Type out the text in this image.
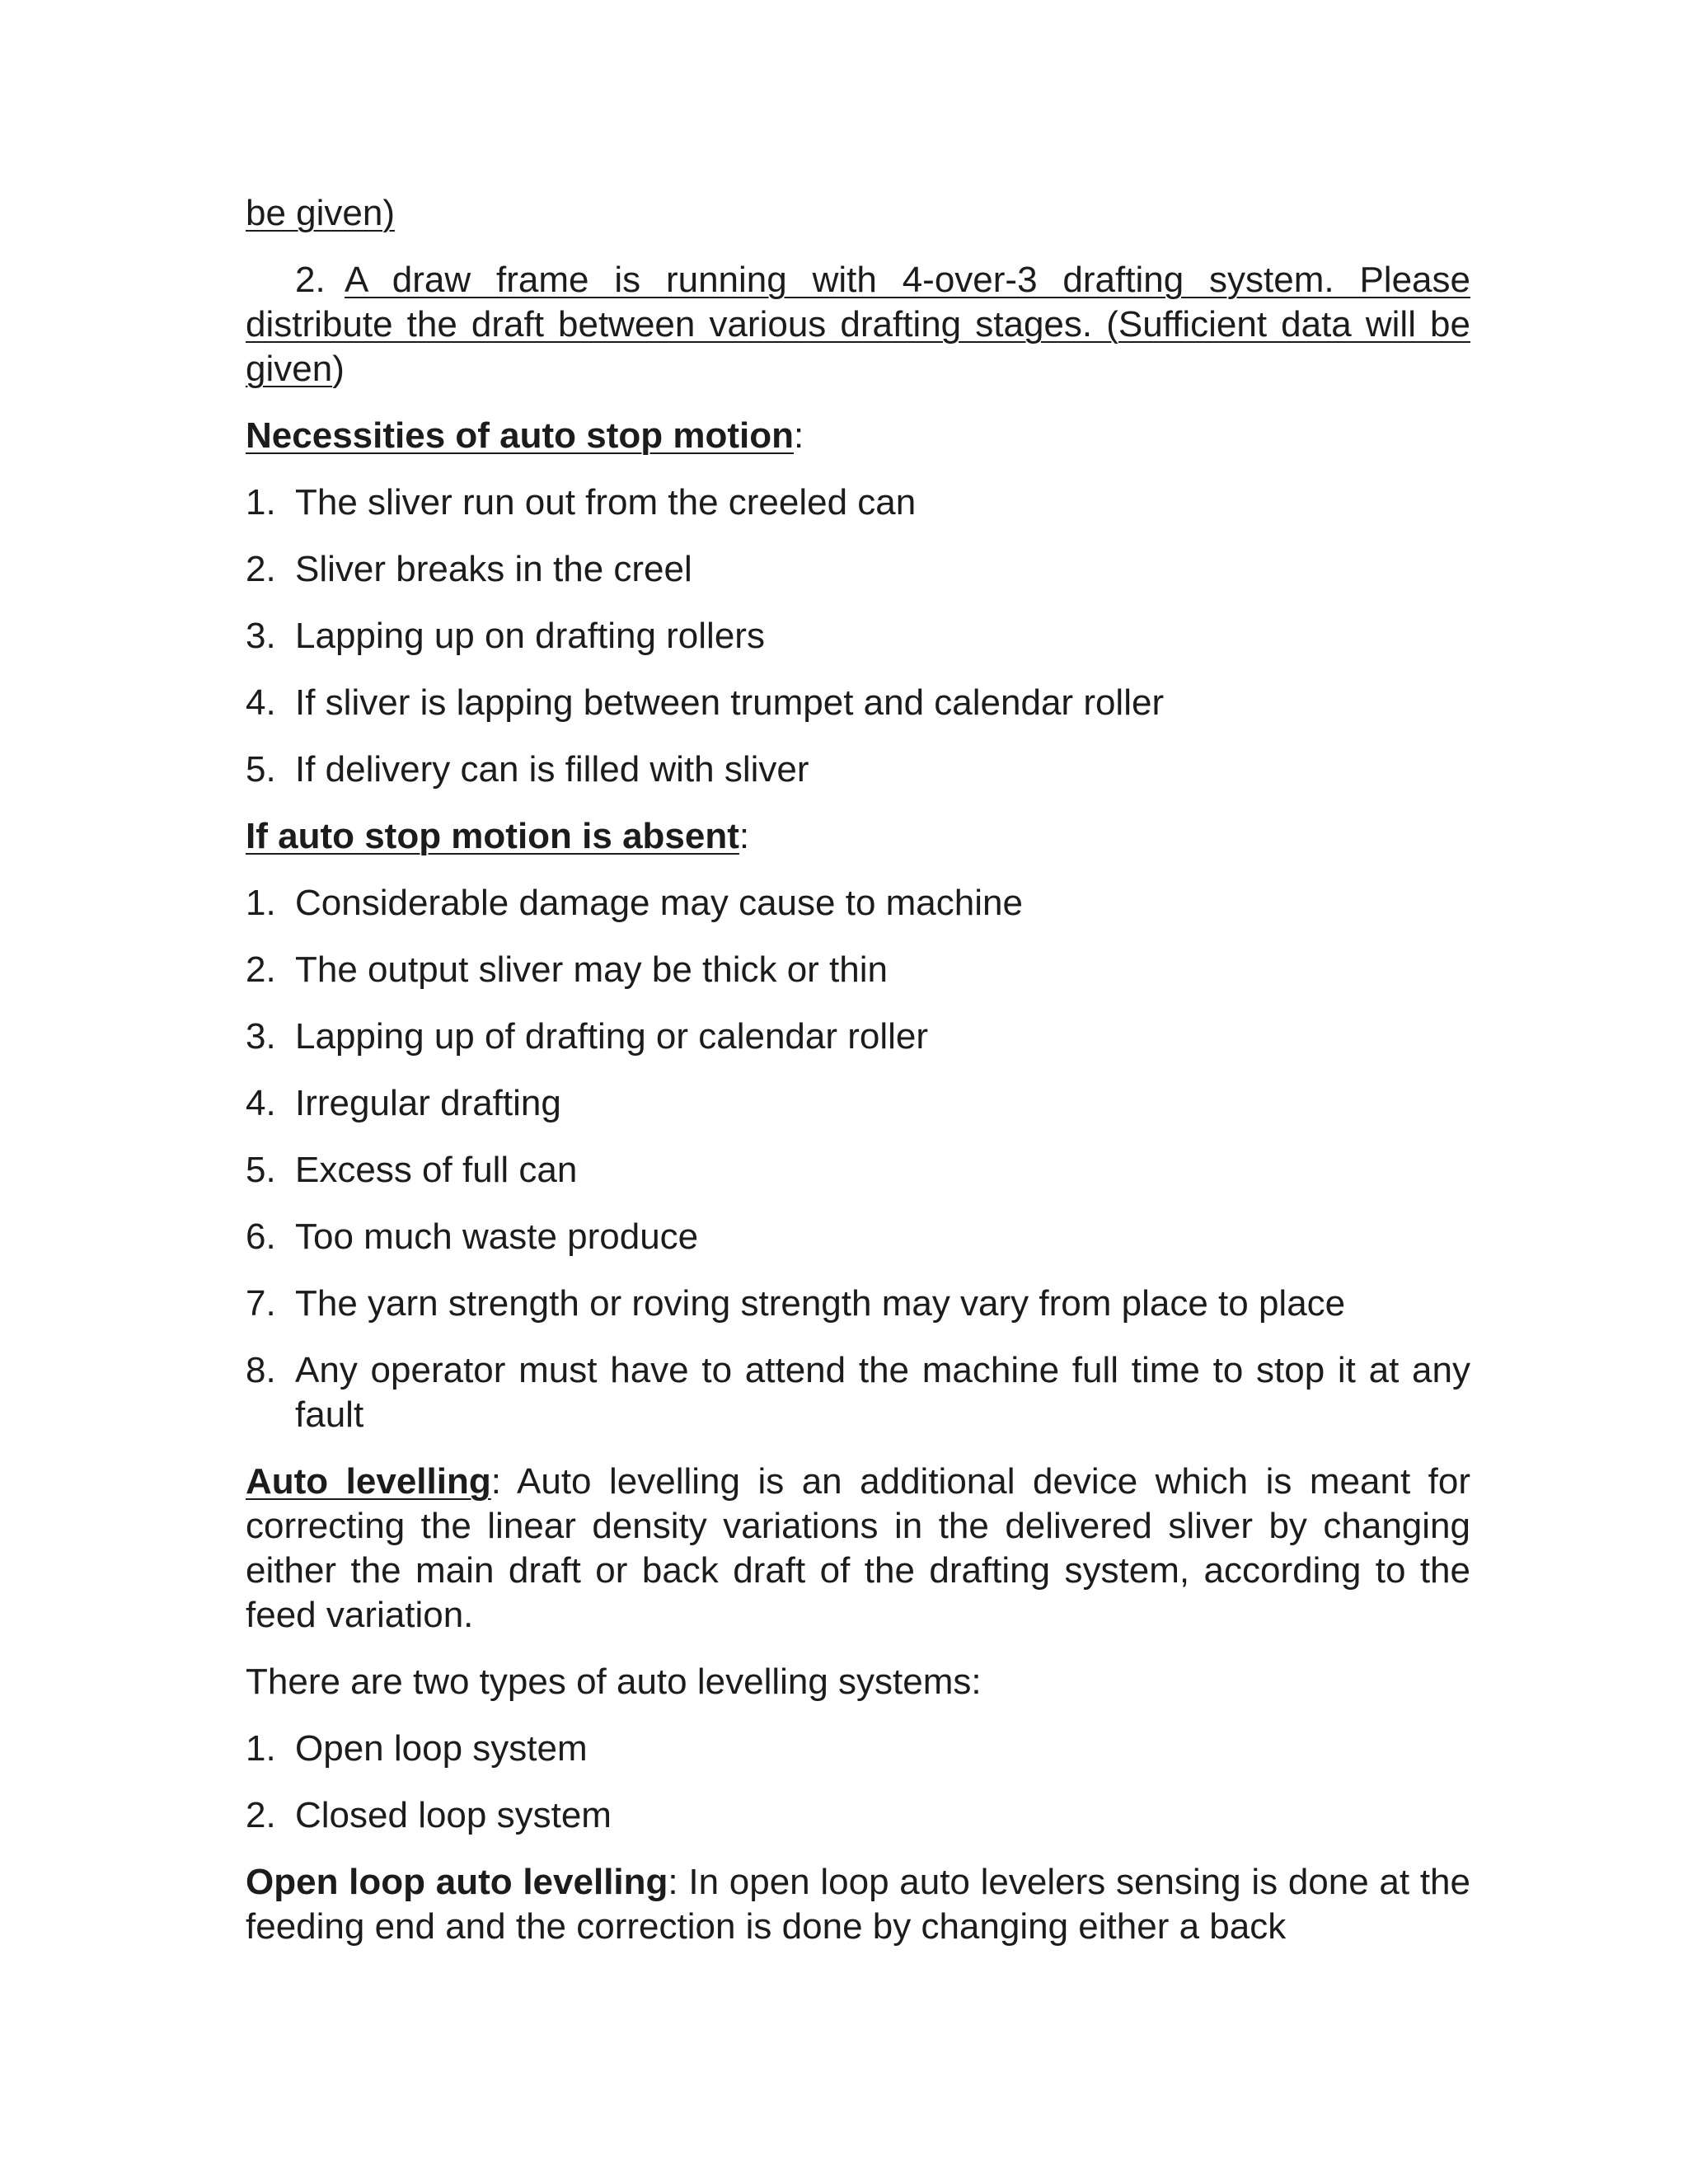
be given)

2. A draw frame is running with 4-over-3 drafting system. Please distribute the draft between various drafting stages. (Sufficient data will be given)

Necessities of auto stop motion:

1. The sliver run out from the creeled can
2. Sliver breaks in the creel
3. Lapping up on drafting rollers
4. If sliver is lapping between trumpet and calendar roller
5. If delivery can is filled with sliver

If auto stop motion is absent:

1. Considerable damage may cause to machine
2. The output sliver may be thick or thin
3. Lapping up of drafting or calendar roller
4. Irregular drafting
5. Excess of full can
6. Too much waste produce
7. The yarn strength or roving strength may vary from place to place
8. Any operator must have to attend the machine full time to stop it at any fault

Auto levelling: Auto levelling is an additional device which is meant for correcting the linear density variations in the delivered sliver by changing either the main draft or back draft of the drafting system, according to the feed variation.

There are two types of auto levelling systems:

1. Open loop system
2. Closed loop system

Open loop auto levelling: In open loop auto levelers sensing is done at the feeding end and the correction is done by changing either a back
